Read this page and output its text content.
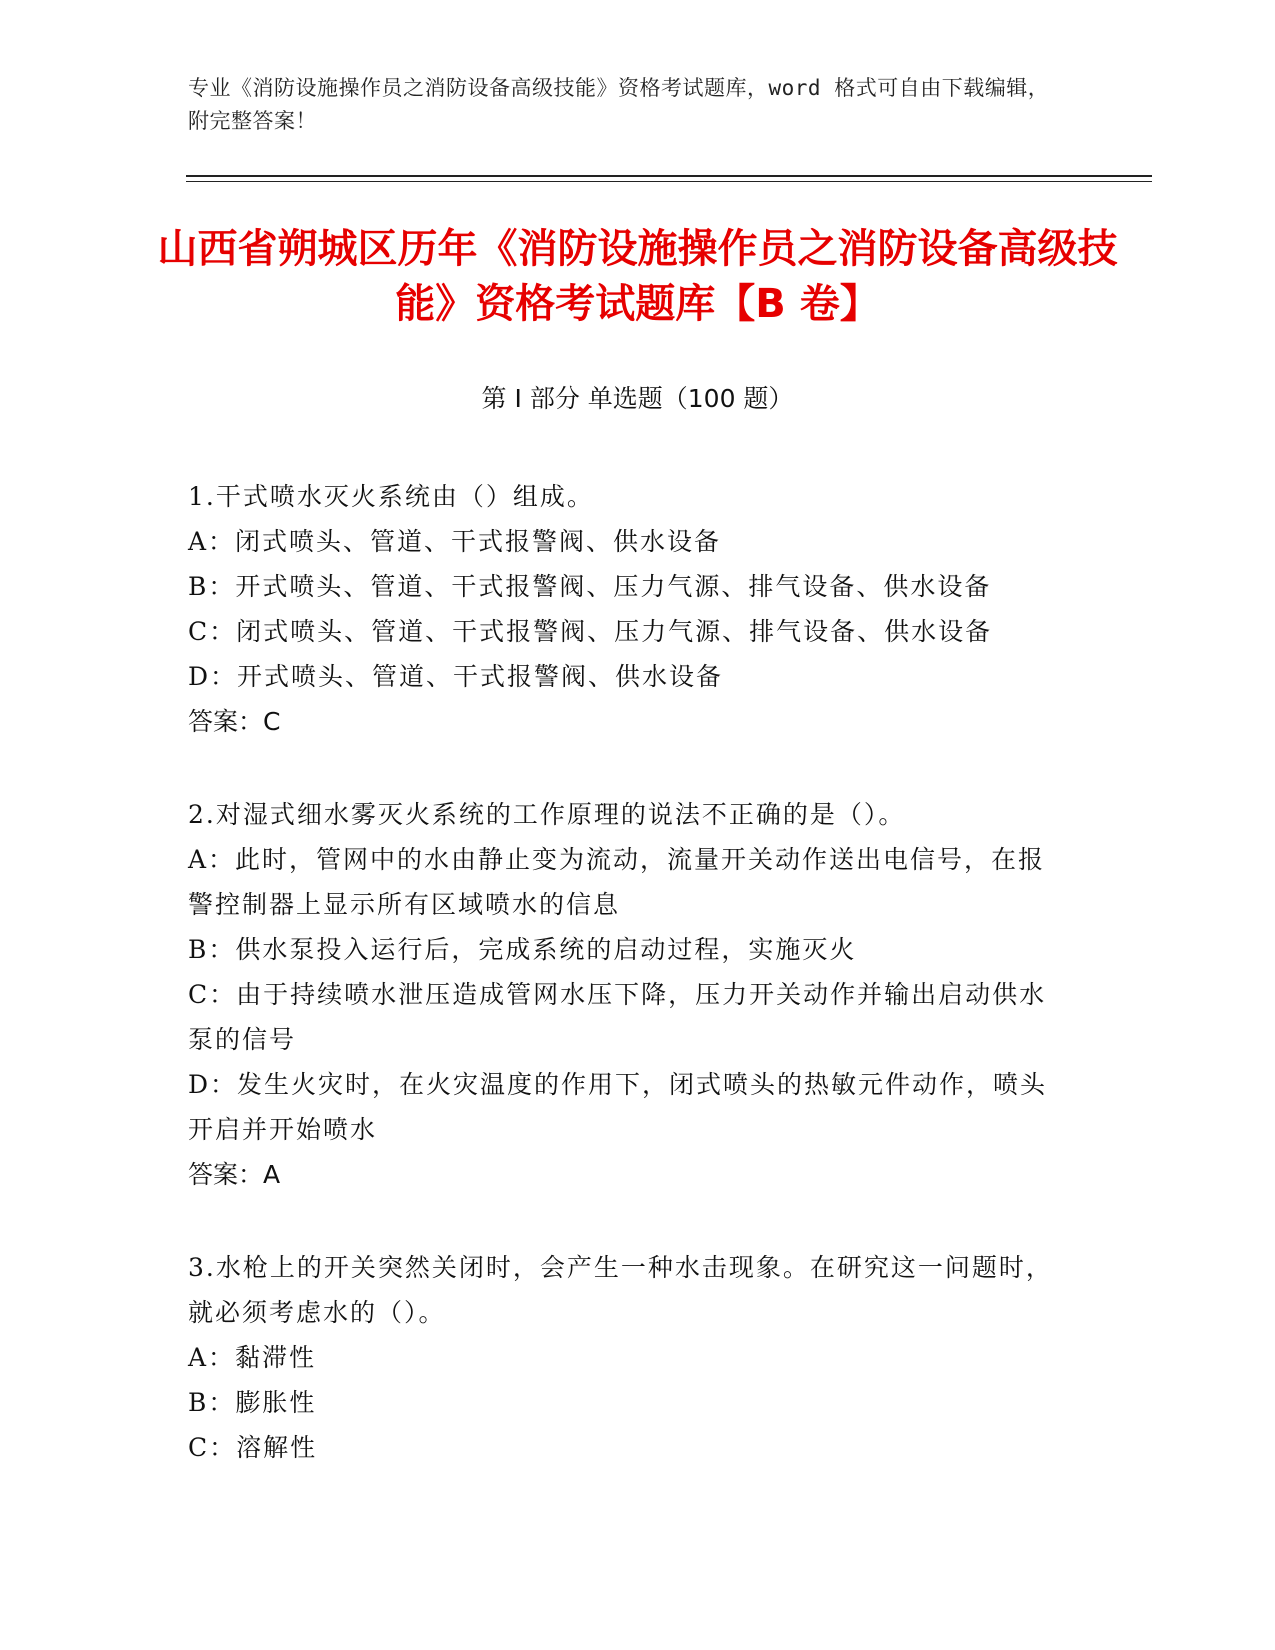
专业《消防设施操作员之消防设备高级技能》资格考试题库，word 格式可自由下载编辑，附完整答案！
山西省朔城区历年《消防设施操作员之消防设备高级技能》资格考试题库【B 卷】
第 I 部分 单选题（100 题）
1.干式喷水灭火系统由（）组成。
A：闭式喷头、管道、干式报警阀、供水设备
B：开式喷头、管道、干式报警阀、压力气源、排气设备、供水设备
C：闭式喷头、管道、干式报警阀、压力气源、排气设备、供水设备
D：开式喷头、管道、干式报警阀、供水设备
答案：C
2.对湿式细水雾灭火系统的工作原理的说法不正确的是（）。
A：此时，管网中的水由静止变为流动，流量开关动作送出电信号，在报警控制器上显示所有区域喷水的信息
B：供水泵投入运行后，完成系统的启动过程，实施灭火
C：由于持续喷水泄压造成管网水压下降，压力开关动作并输出启动供水泵的信号
D：发生火灾时，在火灾温度的作用下，闭式喷头的热敏元件动作，喷头开启并开始喷水
答案：A
3.水枪上的开关突然关闭时，会产生一种水击现象。在研究这一问题时，就必须考虑水的（）。
A：黏滞性
B：膨胀性
C：溶解性
